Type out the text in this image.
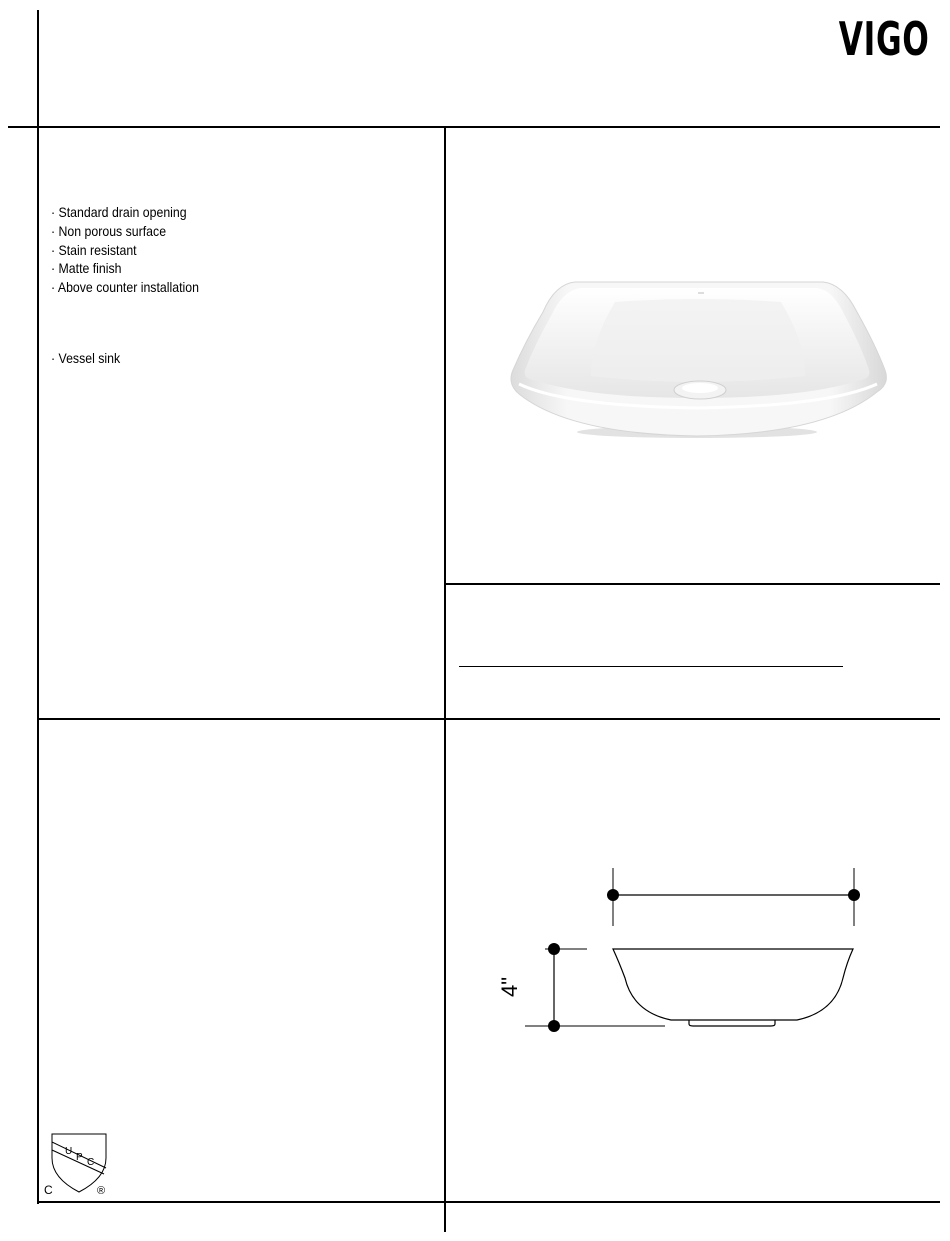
VIGO
· Standard drain opening
· Non porous surface
· Stain resistant
· Matte finish
· Above counter installation
· Vessel sink
4"
U
P C
C	®
